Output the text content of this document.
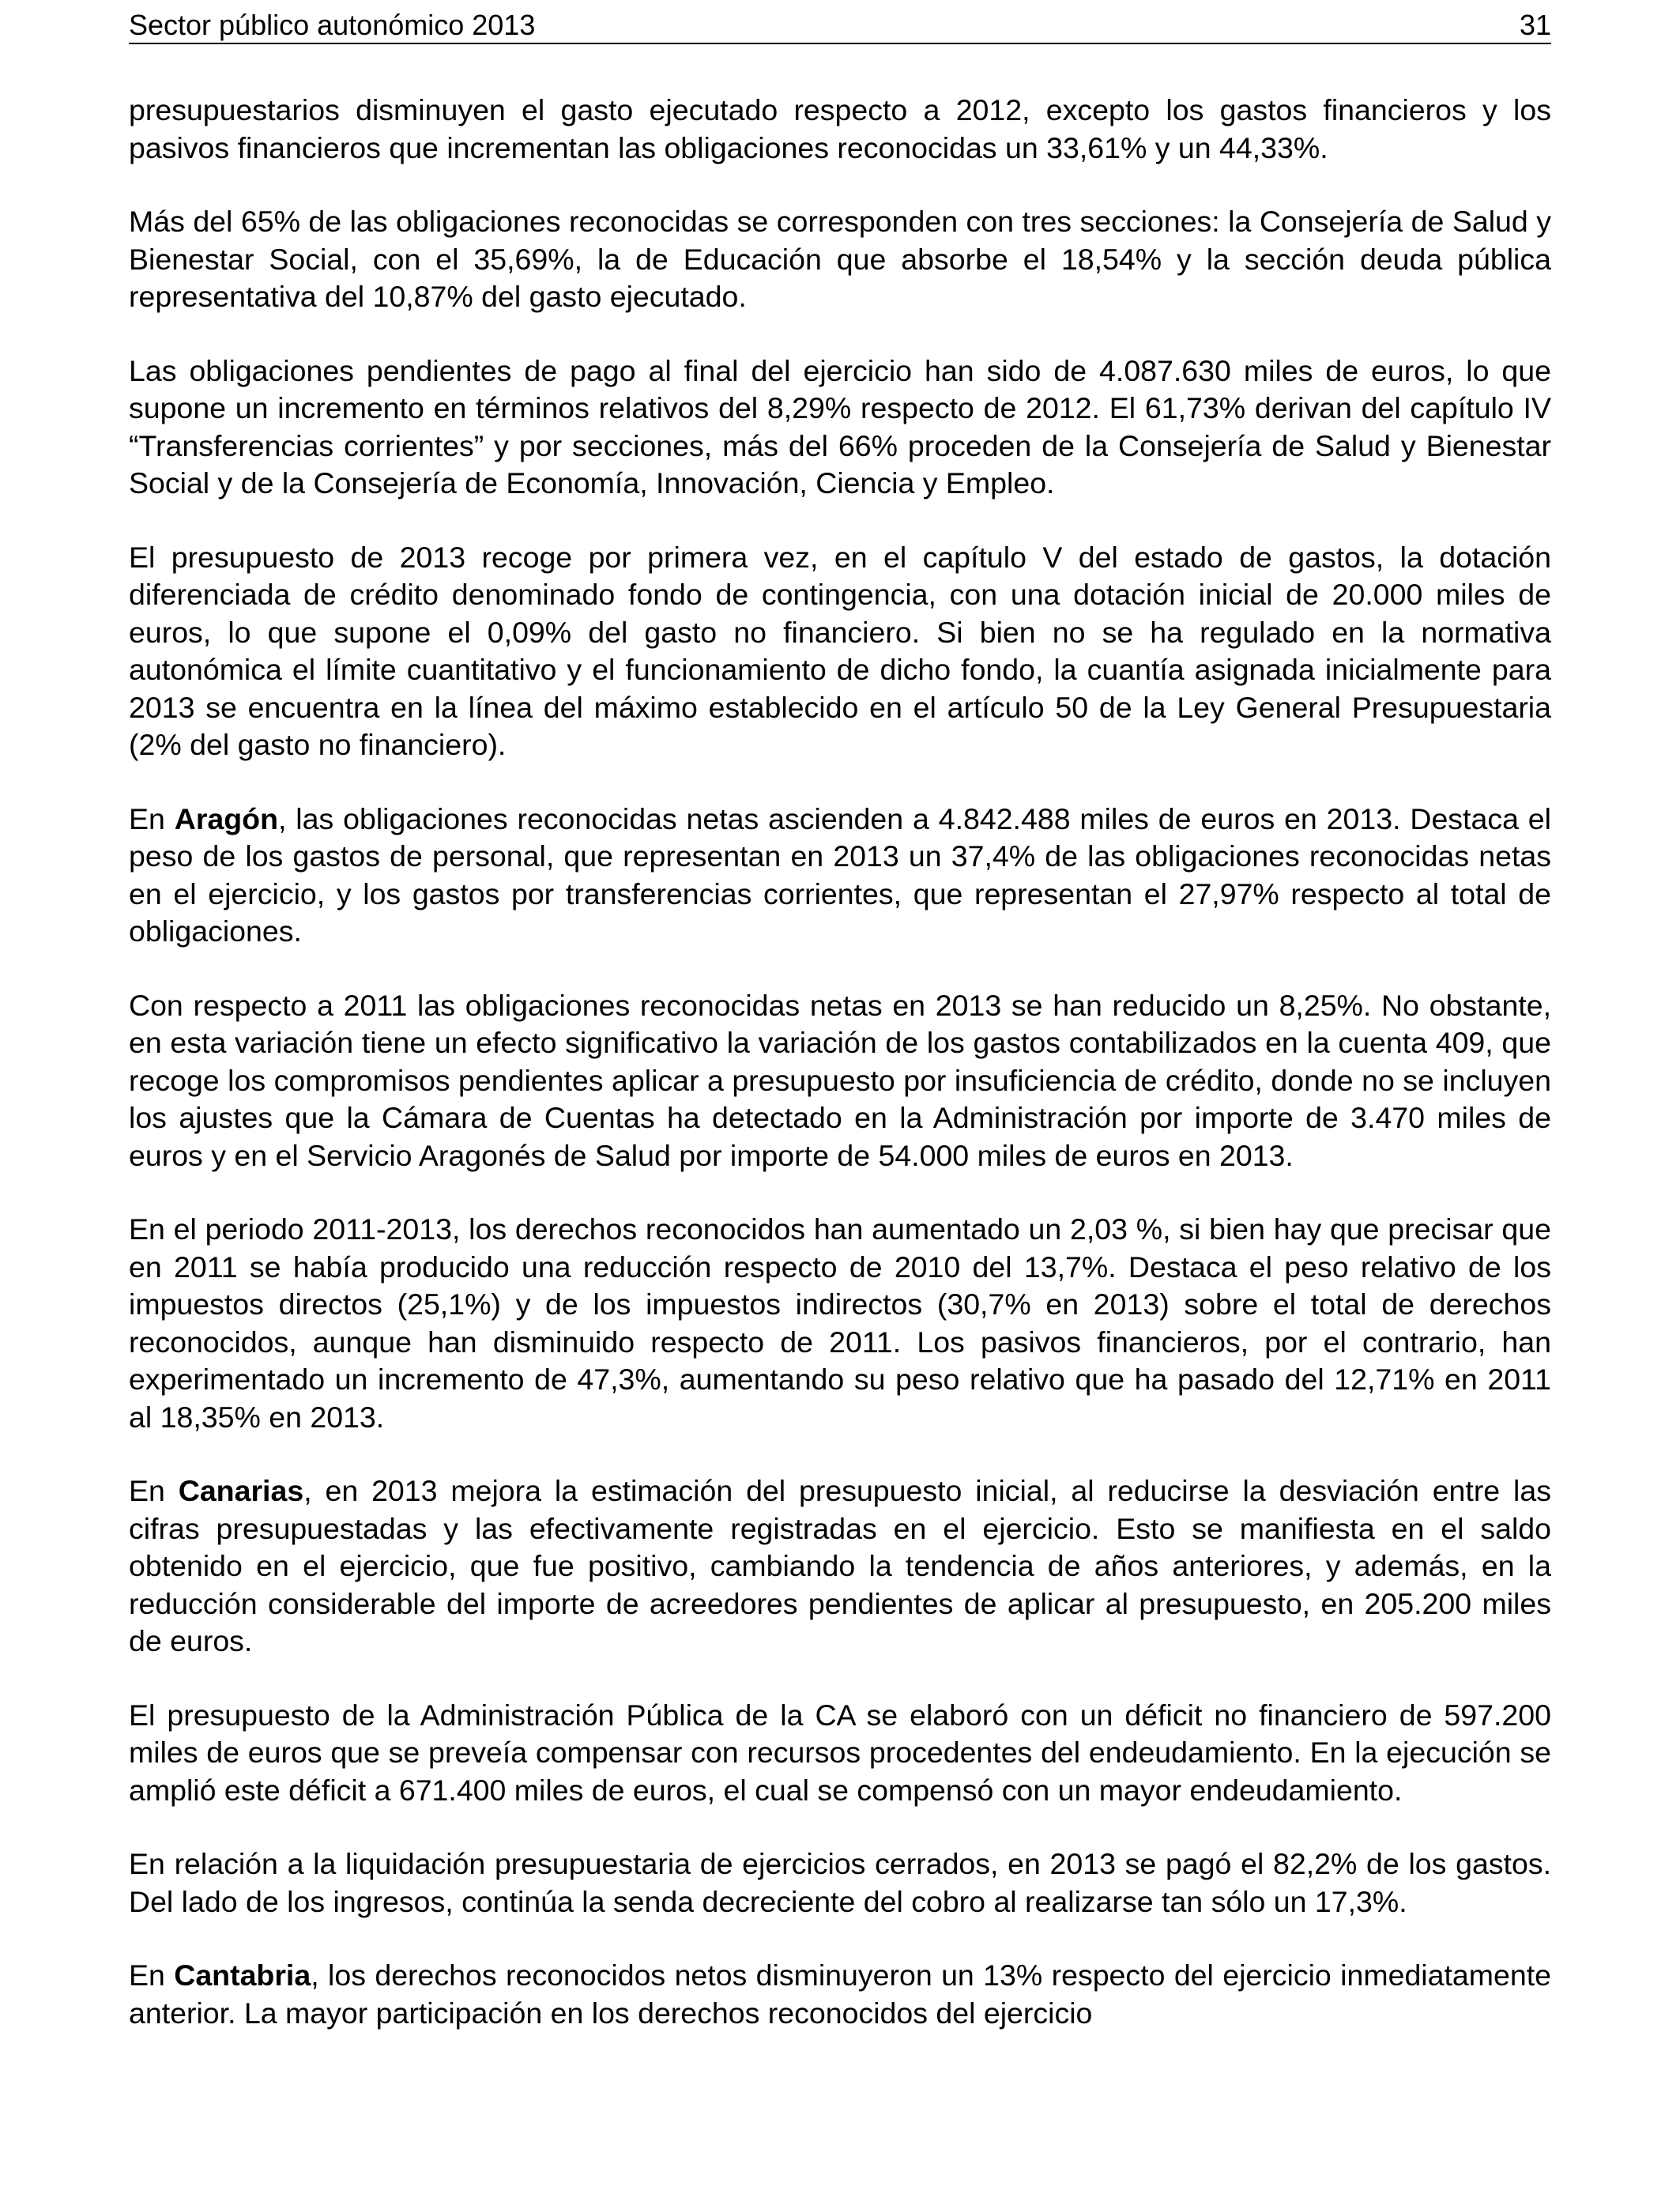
Sector público autonómico 2013	31

presupuestarios disminuyen el gasto ejecutado respecto a 2012, excepto los gastos financieros y los pasivos financieros que incrementan las obligaciones reconocidas un 33,61% y un 44,33%.

Más del 65% de las obligaciones reconocidas se corresponden con tres secciones: la Consejería de Salud y Bienestar Social, con el 35,69%, la de Educación que absorbe el 18,54% y la sección deuda pública representativa del 10,87% del gasto ejecutado.

Las obligaciones pendientes de pago al final del ejercicio han sido de 4.087.630 miles de euros, lo que supone un incremento en términos relativos del 8,29% respecto de 2012. El 61,73% derivan del capítulo IV “Transferencias corrientes” y por secciones, más del 66% proceden de la Consejería de Salud y Bienestar Social y de la Consejería de Economía, Innovación, Ciencia y Empleo.

El presupuesto de 2013 recoge por primera vez, en el capítulo V del estado de gastos, la dotación diferenciada de crédito denominado fondo de contingencia, con una dotación inicial de 20.000 miles de euros, lo que supone el 0,09% del gasto no financiero. Si bien no se ha regulado en la normativa autonómica el límite cuantitativo y el funcionamiento de dicho fondo, la cuantía asignada inicialmente para 2013 se encuentra en la línea del máximo establecido en el artículo 50 de la Ley General Presupuestaria (2% del gasto no financiero).

En Aragón, las obligaciones reconocidas netas ascienden a 4.842.488 miles de euros en 2013. Destaca el peso de los gastos de personal, que representan en 2013 un 37,4% de las obligaciones reconocidas netas en el ejercicio, y los gastos por transferencias corrientes, que representan el 27,97% respecto al total de obligaciones.

Con respecto a 2011 las obligaciones reconocidas netas en 2013 se han reducido un 8,25%. No obstante, en esta variación tiene un efecto significativo la variación de los gastos contabilizados en la cuenta 409, que recoge los compromisos pendientes aplicar a presupuesto por insuficiencia de crédito, donde no se incluyen los ajustes que la Cámara de Cuentas ha detectado en la Administración por importe de 3.470 miles de euros y en el Servicio Aragonés de Salud por importe de 54.000 miles de euros en 2013.

En el periodo 2011-2013, los derechos reconocidos han aumentado un 2,03 %, si bien hay que precisar que en 2011 se había producido una reducción respecto de 2010 del 13,7%. Destaca el peso relativo de los impuestos directos (25,1%) y de los impuestos indirectos (30,7% en 2013) sobre el total de derechos reconocidos, aunque han disminuido respecto de 2011. Los pasivos financieros, por el contrario, han experimentado un incremento de 47,3%, aumentando su peso relativo que ha pasado del 12,71% en 2011 al 18,35% en 2013.

En Canarias, en 2013 mejora la estimación del presupuesto inicial, al reducirse la desviación entre las cifras presupuestadas y las efectivamente registradas en el ejercicio. Esto se manifiesta en el saldo obtenido en el ejercicio, que fue positivo, cambiando la tendencia de años anteriores, y además, en la reducción considerable del importe de acreedores pendientes de aplicar al presupuesto, en 205.200 miles de euros.

El presupuesto de la Administración Pública de la CA se elaboró con un déficit no financiero de 597.200 miles de euros que se preveía compensar con recursos procedentes del endeudamiento. En la ejecución se amplió este déficit a 671.400 miles de euros, el cual se compensó con un mayor endeudamiento.

En relación a la liquidación presupuestaria de ejercicios cerrados, en 2013 se pagó el 82,2% de los gastos. Del lado de los ingresos, continúa la senda decreciente del cobro al realizarse tan sólo un 17,3%.

En Cantabria, los derechos reconocidos netos disminuyeron un 13% respecto del ejercicio inmediatamente anterior. La mayor participación en los derechos reconocidos del ejercicio
